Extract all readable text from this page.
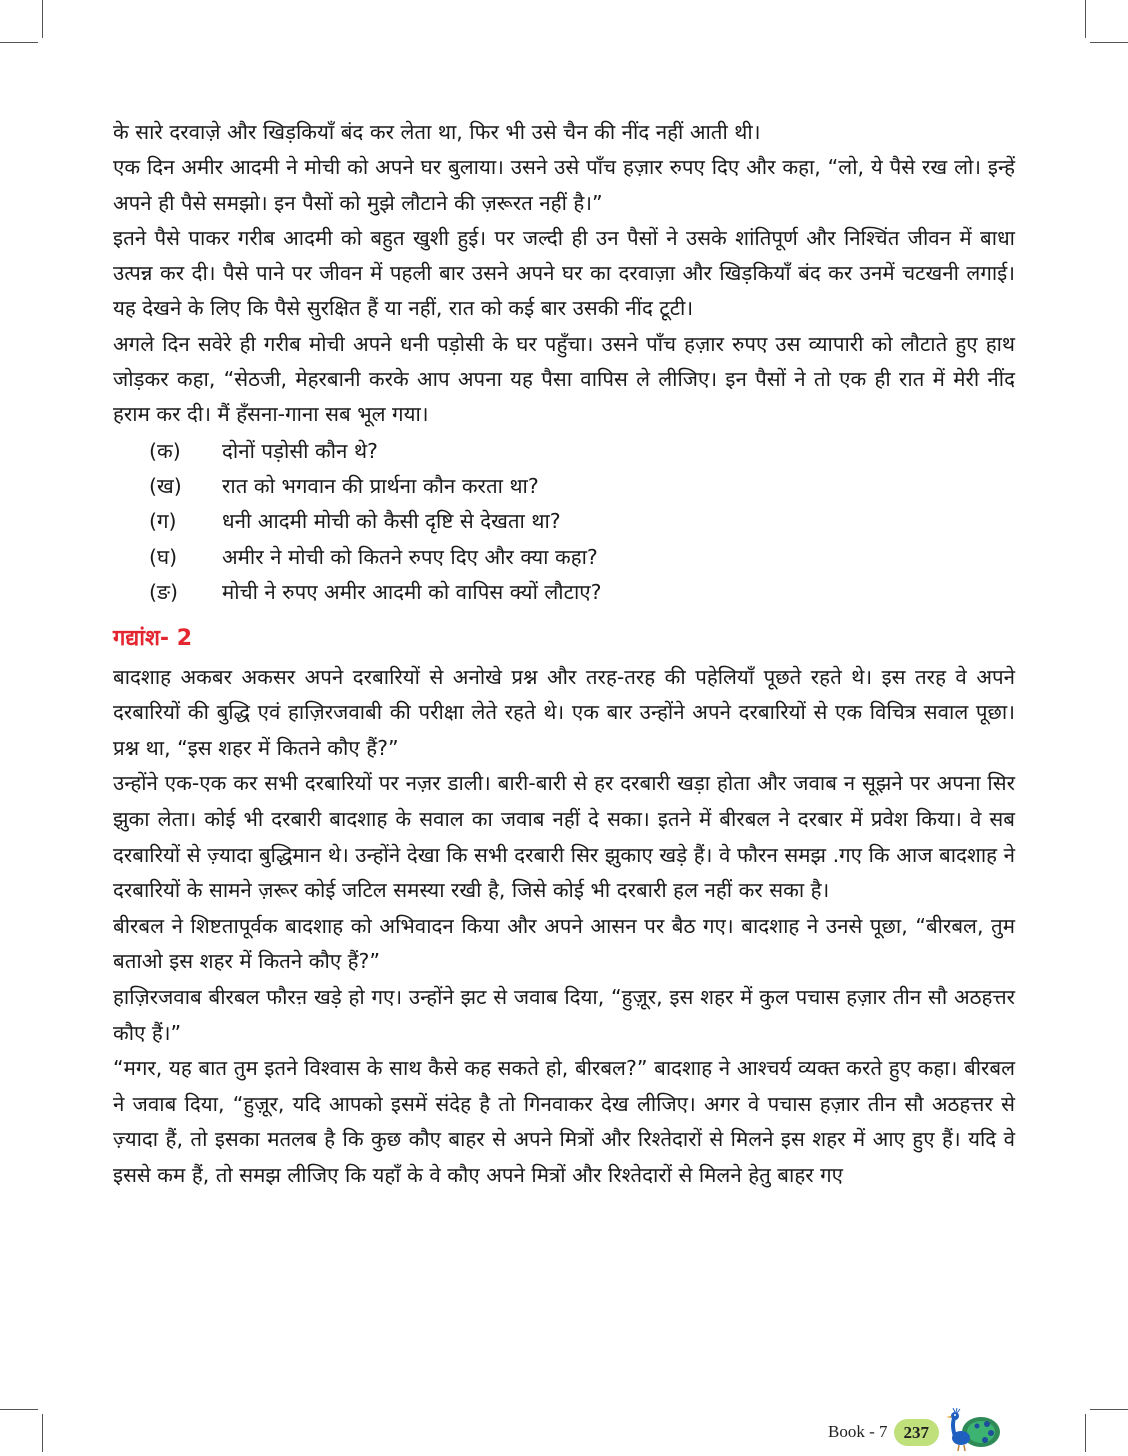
के सारे दरवाज़े और खिड़कियाँ बंद कर लेता था, फिर भी उसे चैन की नींद नहीं आती थी।

एक दिन अमीर आदमी ने मोची को अपने घर बुलाया। उसने उसे पाँच हज़ार रुपए दिए और कहा, “लो, ये पैसे रख लो। इन्हें अपने ही पैसे समझो। इन पैसों को मुझे लौटाने की ज़रूरत नहीं है।”

इतने पैसे पाकर गरीब आदमी को बहुत खुशी हुई। पर जल्दी ही उन पैसों ने उसके शांतिपूर्ण और निश्चिंत जीवन में बाधा उत्पन्न कर दी। पैसे पाने पर जीवन में पहली बार उसने अपने घर का दरवाज़ा और खिड़कियाँ बंद कर उनमें चटखनी लगाई। यह देखने के लिए कि पैसे सुरक्षित हैं या नहीं, रात को कई बार उसकी नींद टूटी।

अगले दिन सवेरे ही गरीब मोची अपने धनी पड़ोसी के घर पहुँचा। उसने पाँच हज़ार रुपए उस व्यापारी को लौटाते हुए हाथ जोड़कर कहा, “सेठजी, मेहरबानी करके आप अपना यह पैसा वापिस ले लीजिए। इन पैसों ने तो एक ही रात में मेरी नींद हराम कर दी। मैं हँसना-गाना सब भूल गया।

(क)	दोनों पड़ोसी कौन थे?
(ख)	रात को भगवान की प्रार्थना कौन करता था?
(ग)	धनी आदमी मोची को कैसी दृष्टि से देखता था?
(घ)	अमीर ने मोची को कितने रुपए दिए और क्या कहा?
(ङ)	मोची ने रुपए अमीर आदमी को वापिस क्यों लौटाए?
गद्यांश- 2

बादशाह अकबर अकसर अपने दरबारियों से अनोखे प्रश्न और तरह-तरह की पहेलियाँ पूछते रहते थे। इस तरह वे अपने दरबारियों की बुद्धि एवं हाज़िरजवाबी की परीक्षा लेते रहते थे। एक बार उन्होंने अपने दरबारियों से एक विचित्र सवाल पूछा। प्रश्न था, “इस शहर में कितने कौए हैं?”

उन्होंने एक-एक कर सभी दरबारियों पर नज़र डाली। बारी-बारी से हर दरबारी खड़ा होता और जवाब न सूझने पर अपना सिर झुका लेता। कोई भी दरबारी बादशाह के सवाल का जवाब नहीं दे सका। इतने में बीरबल ने दरबार में प्रवेश किया। वे सब दरबारियों से ज़्यादा बुद्धिमान थे। उन्होंने देखा कि सभी दरबारी सिर झुकाए खड़े हैं। वे फौरन समझ .गए कि आज बादशाह ने दरबारियों के सामने ज़रूर कोई जटिल समस्या रखी है, जिसे कोई भी दरबारी हल नहीं कर सका है।

बीरबल ने शिष्टतापूर्वक बादशाह को अभिवादन किया और अपने आसन पर बैठ गए। बादशाह ने उनसे पूछा, “बीरबल, तुम बताओ इस शहर में कितने कौए हैं?”

हाज़िरजवाब बीरबल फौरऩ खड़े हो गए। उन्होंने झट से जवाब दिया, “हुज़ूर, इस शहर में कुल पचास हज़ार तीन सौ अठहत्तर कौए हैं।”

“मगर, यह बात तुम इतने विश्वास के साथ कैसे कह सकते हो, बीरबल?” बादशाह ने आश्चर्य व्यक्त करते हुए कहा। बीरबल ने जवाब दिया, “हुज़ूर, यदि आपको इसमें संदेह है तो गिनवाकर देख लीजिए। अगर वे पचास हज़ार तीन सौ अठहत्तर से ज़्यादा हैं, तो इसका मतलब है कि कुछ कौए बाहर से अपने मित्रों और रिश्तेदारों से मिलने इस शहर में आए हुए हैं। यदि वे इससे कम हैं, तो समझ लीजिए कि यहाँ के वे कौए अपने मित्रों और रिश्तेदारों से मिलने हेतु बाहर गए

Book - 7 237
